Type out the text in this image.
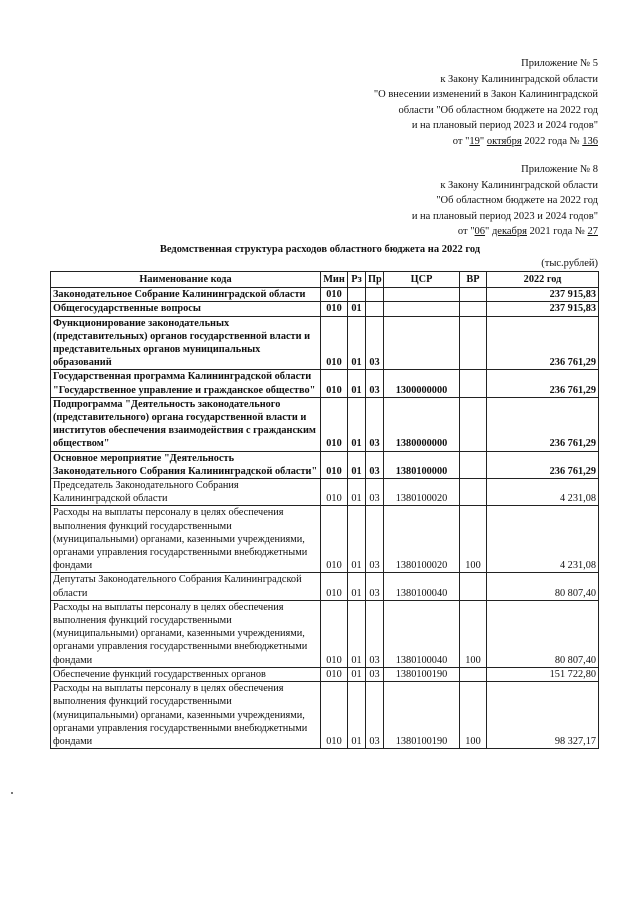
Приложение № 5
к Закону Калининградской области
"О внесении изменений в Закон Калининградской
области "Об областном бюджете на 2022 год
и на плановый период 2023 и 2024 годов"
от "19" октября 2022 года № 136
Приложение № 8
к Закону Калининградской области
"Об областном бюджете на 2022 год
и на плановый период 2023 и 2024 годов"
от "06" декабря 2021 года № 27
Ведомственная структура расходов областного бюджета на 2022 год
(тыс.рублей)
Наименование кода	Мин	Рз	Пр	ЦСР	ВР	2022 год
Законодательное Собрание Калининградской области	010					237 915,83
Общегосударственные вопросы	010	01				237 915,83
Функционирование законодательных (представительных) органов государственной власти и представительных органов муниципальных образований	010	01	03			236 761,29
Государственная программа Калининградской области "Государственное управление и гражданское общество"	010	01	03	1300000000		236 761,29
Подпрограмма "Деятельность законодательного (представительного) органа государственной власти и институтов обеспечения взаимодействия с гражданским обществом"	010	01	03	1380000000		236 761,29
Основное мероприятие "Деятельность Законодательного Собрания Калининградской области"	010	01	03	1380100000		236 761,29
Председатель Законодательного Собрания Калининградской области	010	01	03	1380100020		4 231,08
Расходы на выплаты персоналу в целях обеспечения выполнения функций государственными (муниципальными) органами, казенными учреждениями, органами управления государственными внебюджетными фондами	010	01	03	1380100020	100	4 231,08
Депутаты Законодательного Собрания Калининградской области	010	01	03	1380100040		80 807,40
Расходы на выплаты персоналу в целях обеспечения выполнения функций государственными (муниципальными) органами, казенными учреждениями, органами управления государственными внебюджетными фондами	010	01	03	1380100040	100	80 807,40
Обеспечение функций государственных органов	010	01	03	1380100190		151 722,80
Расходы на выплаты персоналу в целях обеспечения выполнения функций государственными (муниципальными) органами, казенными учреждениями, органами управления государственными внебюджетными фондами	010	01	03	1380100190	100	98 327,17
